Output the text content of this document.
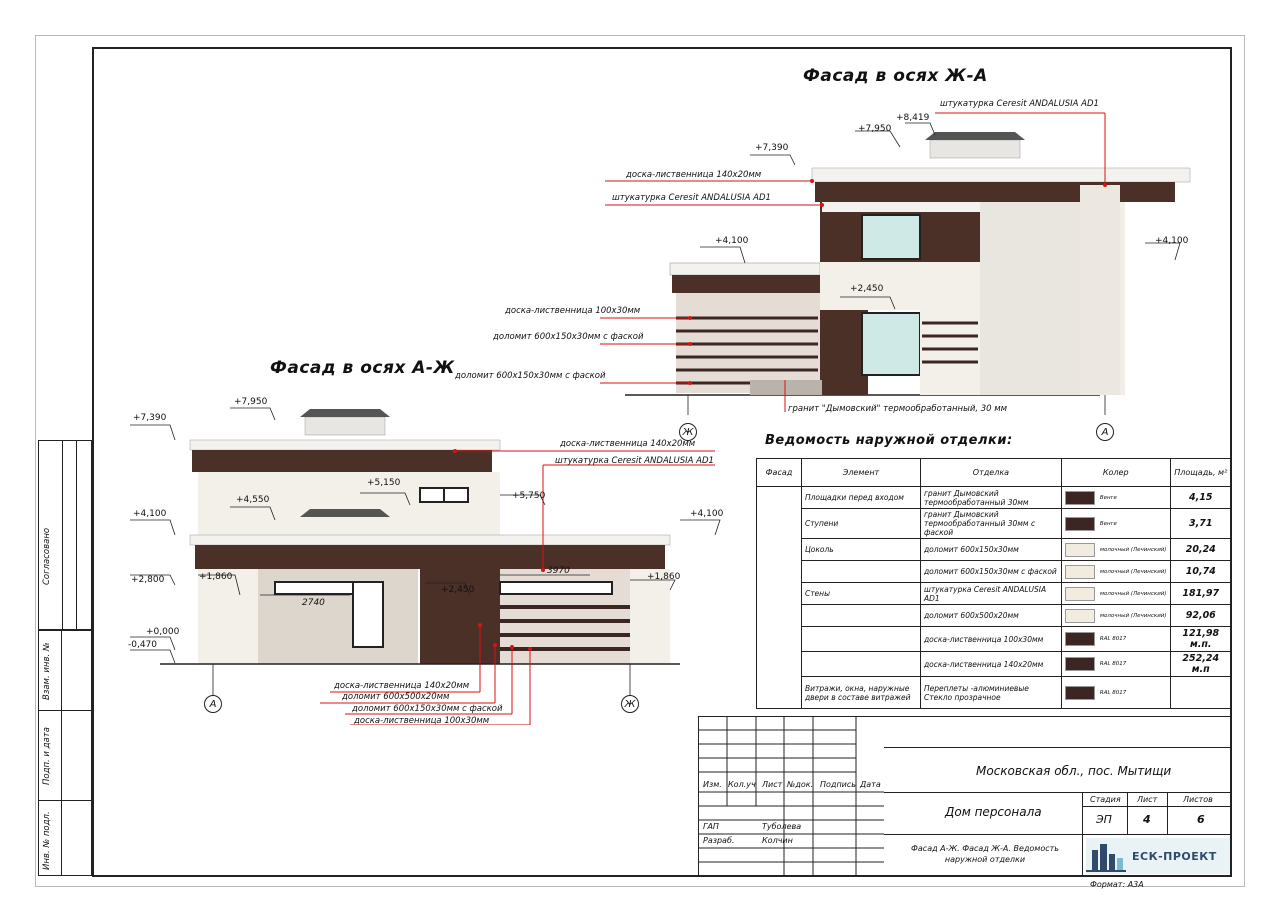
Согласовано
Взам. инв. №
Подп. и дата
Инв. № подл.
Фасад в осях Ж-А
штукатурка Ceresit ANDALUSIA AD1
доска-лиственница 140х20мм
штукатурка Ceresit ANDALUSIA AD1
доска-лиственница 100х30мм
доломит 600х150х30мм с фаской
доломит 600х150х30мм с фаской
гранит "Дымовский" термообработанный, 30 мм
+8,419
+7,950
+7,390
+4,100	+4,100
+2,450
Ж	А
Фасад в осях А-Ж
доска-лиственница 140х20мм
штукатурка Ceresit ANDALUSIA AD1
доска-лиственница 140х20мм
доломит 600х500х20мм
доломит 600х150х30мм с фаской
доска-лиственница 100х30мм
+7,950
+7,390
+4,550
+5,150
+5,750
+4,100	+4,100
+2,800	+1,860	+1,860
+2,450
+0,000
-0,470
2740
3970
А	Ж
Ведомость наружной отделки:
Фасад	Элемент	Отделка	Колер	Площадь, м²
	Площадки перед входом	гранит Дымовский термообработанный 30мм	Венге	4,15
	Ступени	гранит Дымовский термообработанный 30мм с фаской	Венге	3,71
	Цоколь	доломит 600х150х30мм	молочный (Лечинский)	20,24
		доломит 600х150х30мм с фаской	молочный (Лечинский)	10,74
	Стены	штукатурка Ceresit ANDALUSIA AD1	молочный (Лечинский)	181,97
		доломит 600х500х20мм	молочный (Лечинский)	92,06
		доска-лиственница 100х30мм	RAL 8017	121,98 м.п.
		доска-лиственница 140х20мм	RAL 8017	252,24 м.п
	Витражи, окна, наружные двери в составе витражей	Переплеты -алюминиевые Стекло прозрачное	RAL 8017	
Изм. Кол.уч Лист №док. Подпись Дата
ГАП	Туболева
Разраб.	Колчин
Московская обл., пос. Мытищи
Дом персонала
Стадия Лист	Листов
ЭП	4	6
Фасад А-Ж. Фасад Ж-А. Ведомость наружной отделки	ЕСК-ПРОЕКТ
Формат: А3А
